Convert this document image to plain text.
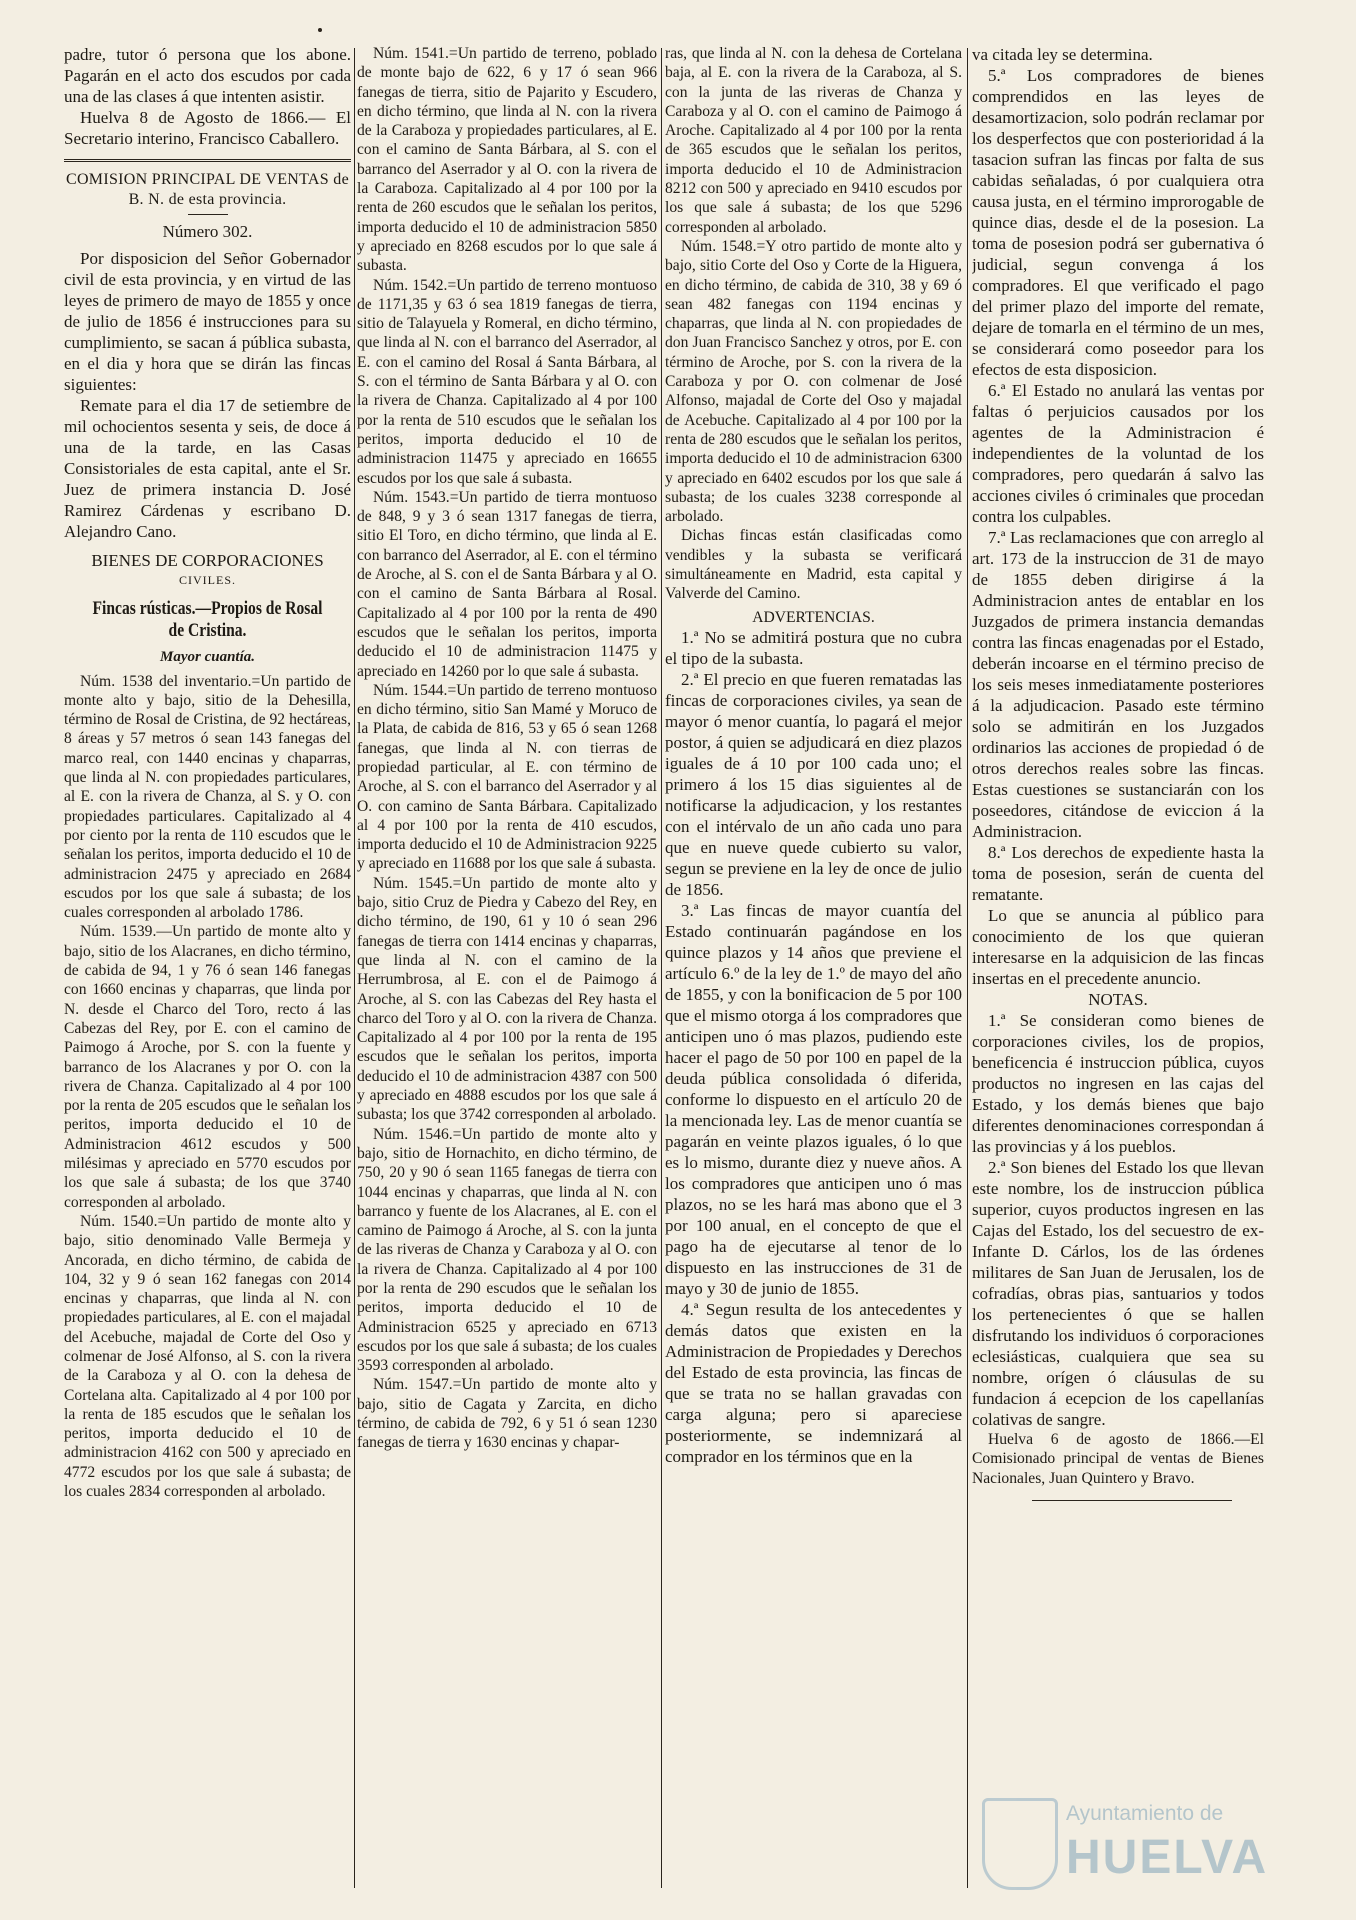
padre, tutor ó persona que los abone. Pagarán en el acto dos escudos por cada una de las clases á que intenten asistir.

Huelva 8 de Agosto de 1866.— El Secretario interino, Francisco Caballero.

COMISION PRINCIPAL DE VENTAS de B. N. de esta provincia.

Número 302.

Por disposicion del Señor Gobernador civil de esta provincia, y en virtud de las leyes de primero de mayo de 1855 y once de julio de 1856 é instrucciones para su cumplimiento, se sacan á pública subasta, en el dia y hora que se dirán las fincas siguientes:

Remate para el dia 17 de setiembre de mil ochocientos sesenta y seis, de doce á una de la tarde, en las Casas Consistoriales de esta capital, ante el Sr. Juez de primera instancia D. José Ramirez Cárdenas y escribano D. Alejandro Cano.

BIENES DE CORPORACIONES

CIVILES.

Fincas rústicas.—Propios de Rosal de Cristina.
Mayor cuantía.

Núm. 1538 del inventario.=Un partido de monte alto y bajo, sitio de la Dehesilla, término de Rosal de Cristina, de 92 hectáreas, 8 áreas y 57 metros ó sean 143 fanegas del marco real, con 1440 encinas y chaparras, que linda al N. con propiedades particulares, al E. con la rivera de Chanza, al S. y O. con propiedades particulares. Capitalizado al 4 por ciento por la renta de 110 escudos que le señalan los peritos, importa deducido el 10 de administracion 2475 y apreciado en 2684 escudos por los que sale á subasta; de los cuales corresponden al arbolado 1786.

Núm. 1539.—Un partido de monte alto y bajo, sitio de los Alacranes, en dicho término, de cabida de 94, 1 y 76 ó sean 146 fanegas con 1660 encinas y chaparras, que linda por N. desde el Charco del Toro, recto á las Cabezas del Rey, por E. con el camino de Paimogo á Aroche, por S. con la fuente y barranco de los Alacranes y por O. con la rivera de Chanza. Capitalizado al 4 por 100 por la renta de 205 escudos que le señalan los peritos, importa deducido el 10 de Administracion 4612 escudos y 500 milésimas y apreciado en 5770 escudos por los que sale á subasta; de los que 3740 corresponden al arbolado.

Núm. 1540.=Un partido de monte alto y bajo, sitio denominado Valle Bermeja y Ancorada, en dicho término, de cabida de 104, 32 y 9 ó sean 162 fanegas con 2014 encinas y chaparras, que linda al N. con propiedades particulares, al E. con el majadal del Acebuche, majadal de Corte del Oso y colmenar de José Alfonso, al S. con la rivera de la Caraboza y al O. con la dehesa de Cortelana alta. Capitalizado al 4 por 100 por la renta de 185 escudos que le señalan los peritos, importa deducido el 10 de administracion 4162 con 500 y apreciado en 4772 escudos por los que sale á subasta; de los cuales 2834 corresponden al arbolado.

Núm. 1541.=Un partido de terreno, poblado de monte bajo de 622, 6 y 17 ó sean 966 fanegas de tierra, sitio de Pajarito y Escudero, en dicho término, que linda al N. con la rivera de la Caraboza y propiedades particulares, al E. con el camino de Santa Bárbara, al S. con el barranco del Aserrador y al O. con la rivera de la Caraboza. Capitalizado al 4 por 100 por la renta de 260 escudos que le señalan los peritos, importa deducido el 10 de administracion 5850 y apreciado en 8268 escudos por lo que sale á subasta.

Núm. 1542.=Un partido de terreno montuoso de 1171,35 y 63 ó sea 1819 fanegas de tierra, sitio de Talayuela y Romeral, en dicho término, que linda al N. con el barranco del Aserrador, al E. con el camino del Rosal á Santa Bárbara, al S. con el término de Santa Bárbara y al O. con la rivera de Chanza. Capitalizado al 4 por 100 por la renta de 510 escudos que le señalan los peritos, importa deducido el 10 de administracion 11475 y apreciado en 16655 escudos por los que sale á subasta.

Núm. 1543.=Un partido de tierra montuoso de 848, 9 y 3 ó sean 1317 fanegas de tierra, sitio El Toro, en dicho término, que linda al E. con barranco del Aserrador, al E. con el término de Aroche, al S. con el de Santa Bárbara y al O. con el camino de Santa Bárbara al Rosal. Capitalizado al 4 por 100 por la renta de 490 escudos que le señalan los peritos, importa deducido el 10 de administracion 11475 y apreciado en 14260 por lo que sale á subasta.

Núm. 1544.=Un partido de terreno montuoso en dicho término, sitio San Mamé y Moruco de la Plata, de cabida de 816, 53 y 65 ó sean 1268 fanegas, que linda al N. con tierras de propiedad particular, al E. con término de Aroche, al S. con el barranco del Aserrador y al O. con camino de Santa Bárbara. Capitalizado al 4 por 100 por la renta de 410 escudos, importa deducido el 10 de Administracion 9225 y apreciado en 11688 por los que sale á subasta.

Núm. 1545.=Un partido de monte alto y bajo, sitio Cruz de Piedra y Cabezo del Rey, en dicho término, de 190, 61 y 10 ó sean 296 fanegas de tierra con 1414 encinas y chaparras, que linda al N. con el camino de la Herrumbrosa, al E. con el de Paimogo á Aroche, al S. con las Cabezas del Rey hasta el charco del Toro y al O. con la rivera de Chanza. Capitalizado al 4 por 100 por la renta de 195 escudos que le señalan los peritos, importa deducido el 10 de administracion 4387 con 500 y apreciado en 4888 escudos por los que sale á subasta; los que 3742 corresponden al arbolado.

Núm. 1546.=Un partido de monte alto y bajo, sitio de Hornachito, en dicho término, de 750, 20 y 90 ó sean 1165 fanegas de tierra con 1044 encinas y chaparras, que linda al N. con barranco y fuente de los Alacranes, al E. con el camino de Paimogo á Aroche, al S. con la junta de las riveras de Chanza y Caraboza y al O. con la rivera de Chanza. Capitalizado al 4 por 100 por la renta de 290 escudos que le señalan los peritos, importa deducido el 10 de Administracion 6525 y apreciado en 6713 escudos por los que sale á subasta; de los cuales 3593 corresponden al arbolado.

Núm. 1547.=Un partido de monte alto y bajo, sitio de Cagata y Zarcita, en dicho término, de cabida de 792, 6 y 51 ó sean 1230 fanegas de tierra y 1630 encinas y chapar-

ras, que linda al N. con la dehesa de Cortelana baja, al E. con la rivera de la Caraboza, al S. con la junta de las riveras de Chanza y Caraboza y al O. con el camino de Paimogo á Aroche. Capitalizado al 4 por 100 por la renta de 365 escudos que le señalan los peritos, importa deducido el 10 de Administracion 8212 con 500 y apreciado en 9410 escudos por los que sale á subasta; de los que 5296 corresponden al arbolado.

Núm. 1548.=Y otro partido de monte alto y bajo, sitio Corte del Oso y Corte de la Higuera, en dicho término, de cabida de 310, 38 y 69 ó sean 482 fanegas con 1194 encinas y chaparras, que linda al N. con propiedades de don Juan Francisco Sanchez y otros, por E. con término de Aroche, por S. con la rivera de la Caraboza y por O. con colmenar de José Alfonso, majadal de Corte del Oso y majadal de Acebuche. Capitalizado al 4 por 100 por la renta de 280 escudos que le señalan los peritos, importa deducido el 10 de administracion 6300 y apreciado en 6402 escudos por los que sale á subasta; de los cuales 3238 corresponde al arbolado.

Dichas fincas están clasificadas como vendibles y la subasta se verificará simultáneamente en Madrid, esta capital y Valverde del Camino.

ADVERTENCIAS.

1.ª No se admitirá postura que no cubra el tipo de la subasta.

2.ª El precio en que fueren rematadas las fincas de corporaciones civiles, ya sean de mayor ó menor cuantía, lo pagará el mejor postor, á quien se adjudicará en diez plazos iguales de á 10 por 100 cada uno; el primero á los 15 dias siguientes al de notificarse la adjudicacion, y los restantes con el intérvalo de un año cada uno para que en nueve quede cubierto su valor, segun se previene en la ley de once de julio de 1856.

3.ª Las fincas de mayor cuantía del Estado continuarán pagándose en los quince plazos y 14 años que previene el artículo 6.º de la ley de 1.º de mayo del año de 1855, y con la bonificacion de 5 por 100 que el mismo otorga á los compradores que anticipen uno ó mas plazos, pudiendo este hacer el pago de 50 por 100 en papel de la deuda pública consolidada ó diferida, conforme lo dispuesto en el artículo 20 de la mencionada ley. Las de menor cuantía se pagarán en veinte plazos iguales, ó lo que es lo mismo, durante diez y nueve años. A los compradores que anticipen uno ó mas plazos, no se les hará mas abono que el 3 por 100 anual, en el concepto de que el pago ha de ejecutarse al tenor de lo dispuesto en las instrucciones de 31 de mayo y 30 de junio de 1855.

4.ª Segun resulta de los antecedentes y demás datos que existen en la Administracion de Propiedades y Derechos del Estado de esta provincia, las fincas de que se trata no se hallan gravadas con carga alguna; pero si apareciese posteriormente, se indemnizará al comprador en los términos que en la

va citada ley se determina.

5.ª Los compradores de bienes comprendidos en las leyes de desamortizacion, solo podrán reclamar por los desperfectos que con posterioridad á la tasacion sufran las fincas por falta de sus cabidas señaladas, ó por cualquiera otra causa justa, en el término improrogable de quince dias, desde el de la posesion. La toma de posesion podrá ser gubernativa ó judicial, segun convenga á los compradores. El que verificado el pago del primer plazo del importe del remate, dejare de tomarla en el término de un mes, se considerará como poseedor para los efectos de esta disposicion.

6.ª El Estado no anulará las ventas por faltas ó perjuicios causados por los agentes de la Administracion é independientes de la voluntad de los compradores, pero quedarán á salvo las acciones civiles ó criminales que procedan contra los culpables.

7.ª Las reclamaciones que con arreglo al art. 173 de la instruccion de 31 de mayo de 1855 deben dirigirse á la Administracion antes de entablar en los Juzgados de primera instancia demandas contra las fincas enagenadas por el Estado, deberán incoarse en el término preciso de los seis meses inmediatamente posteriores á la adjudicacion. Pasado este término solo se admitirán en los Juzgados ordinarios las acciones de propiedad ó de otros derechos reales sobre las fincas. Estas cuestiones se sustanciarán con los poseedores, citándose de eviccion á la Administracion.

8.ª Los derechos de expediente hasta la toma de posesion, serán de cuenta del rematante.

Lo que se anuncia al público para conocimiento de los que quieran interesarse en la adquisicion de las fincas insertas en el precedente anuncio.

NOTAS.

1.ª Se consideran como bienes de corporaciones civiles, los de propios, beneficencia é instruccion pública, cuyos productos no ingresen en las cajas del Estado, y los demás bienes que bajo diferentes denominaciones correspondan á las provincias y á los pueblos.

2.ª Son bienes del Estado los que llevan este nombre, los de instruccion pública superior, cuyos productos ingresen en las Cajas del Estado, los del secuestro de ex-Infante D. Cárlos, los de las órdenes militares de San Juan de Jerusalen, los de cofradías, obras pias, santuarios y todos los pertenecientes ó que se hallen disfrutando los individuos ó corporaciones eclesiásticas, cualquiera que sea su nombre, orígen ó cláusulas de su fundacion á ecepcion de los capellanías colativas de sangre.

Huelva 6 de agosto de 1866.—El Comisionado principal de ventas de Bienes Nacionales, Juan Quintero y Bravo.

Ayuntamiento de
HUELVA
